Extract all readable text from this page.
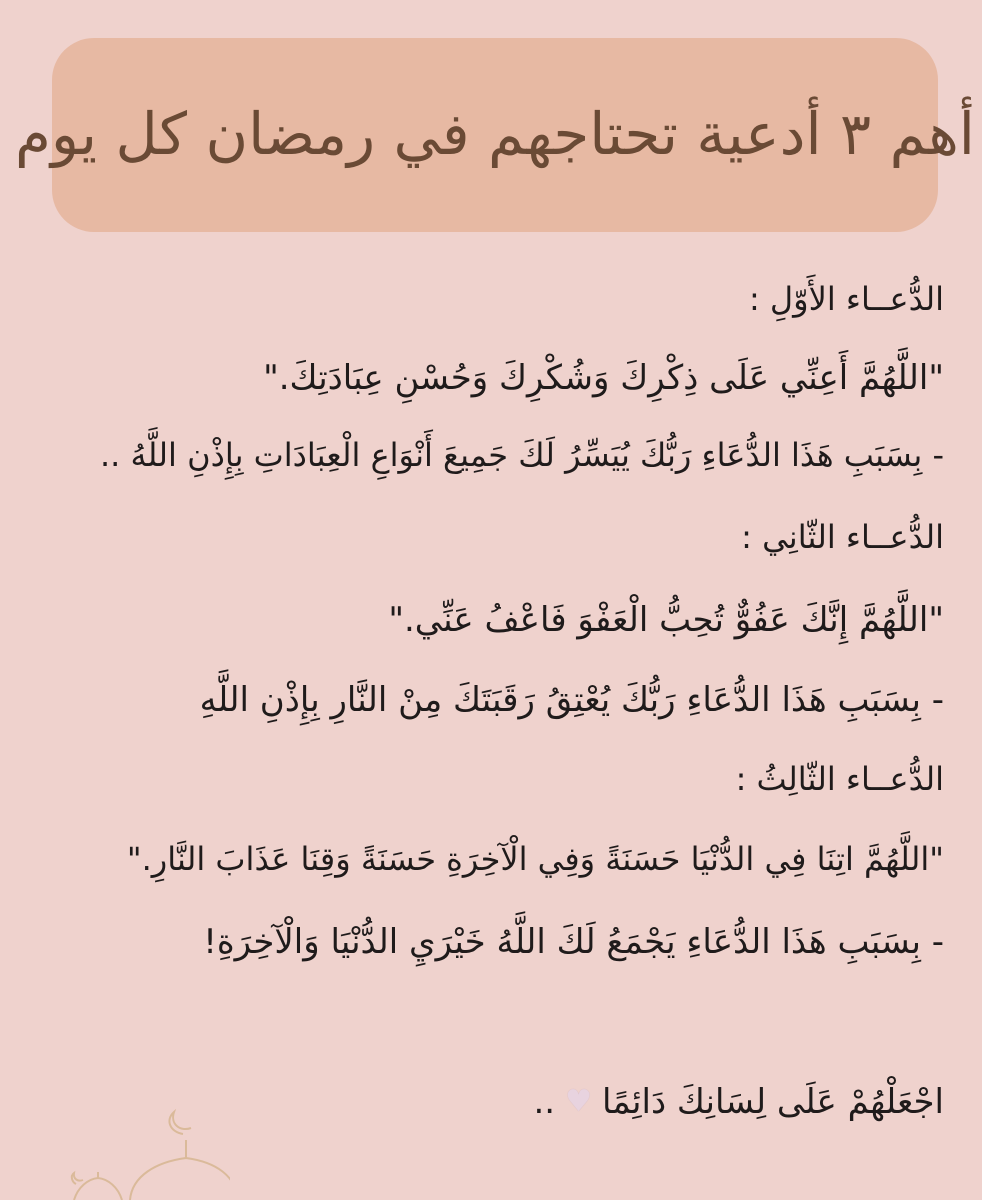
أهم ٣ أدعية تحتاجهم في رمضان كل يوم
الدُّعــاء الأَوّلِ :
"اللَّهُمَّ أَعِنِّي عَلَى ذِكْرِكَ وَشُكْرِكَ وَحُسْنِ عِبَادَتِكَ."
- بِسَبَبِ هَذَا الدُّعَاءِ رَبُّكَ يُيَسِّرُ لَكَ جَمِيعَ أَنْوَاعِ الْعِبَادَاتِ بِإِذْنِ اللَّهُ ..
الدُّعــاء الثّانِي :
"اللَّهُمَّ إِنَّكَ عَفُوٌّ تُحِبُّ الْعَفْوَ فَاعْفُ عَنِّي."
- بِسَبَبِ هَذَا الدُّعَاءِ رَبُّكَ يُعْتِقُ رَقَبَتَكَ مِنْ النَّارِ بِإِذْنِ اللَّهِ
الدُّعــاء الثّالِثُ :
"اللَّهُمَّ اتِنَا فِي الدُّنْيَا حَسَنَةً وَفِي الْآخِرَةِ حَسَنَةً وَقِنَا عَذَابَ النَّارِ."
- بِسَبَبِ هَذَا الدُّعَاءِ يَجْمَعُ لَكَ اللَّهُ خَيْرَيِ الدُّنْيَا وَالْآخِرَةِ!
اجْعَلْهُمْ عَلَى لِسَانِكَ دَائِمًا
♥
..
